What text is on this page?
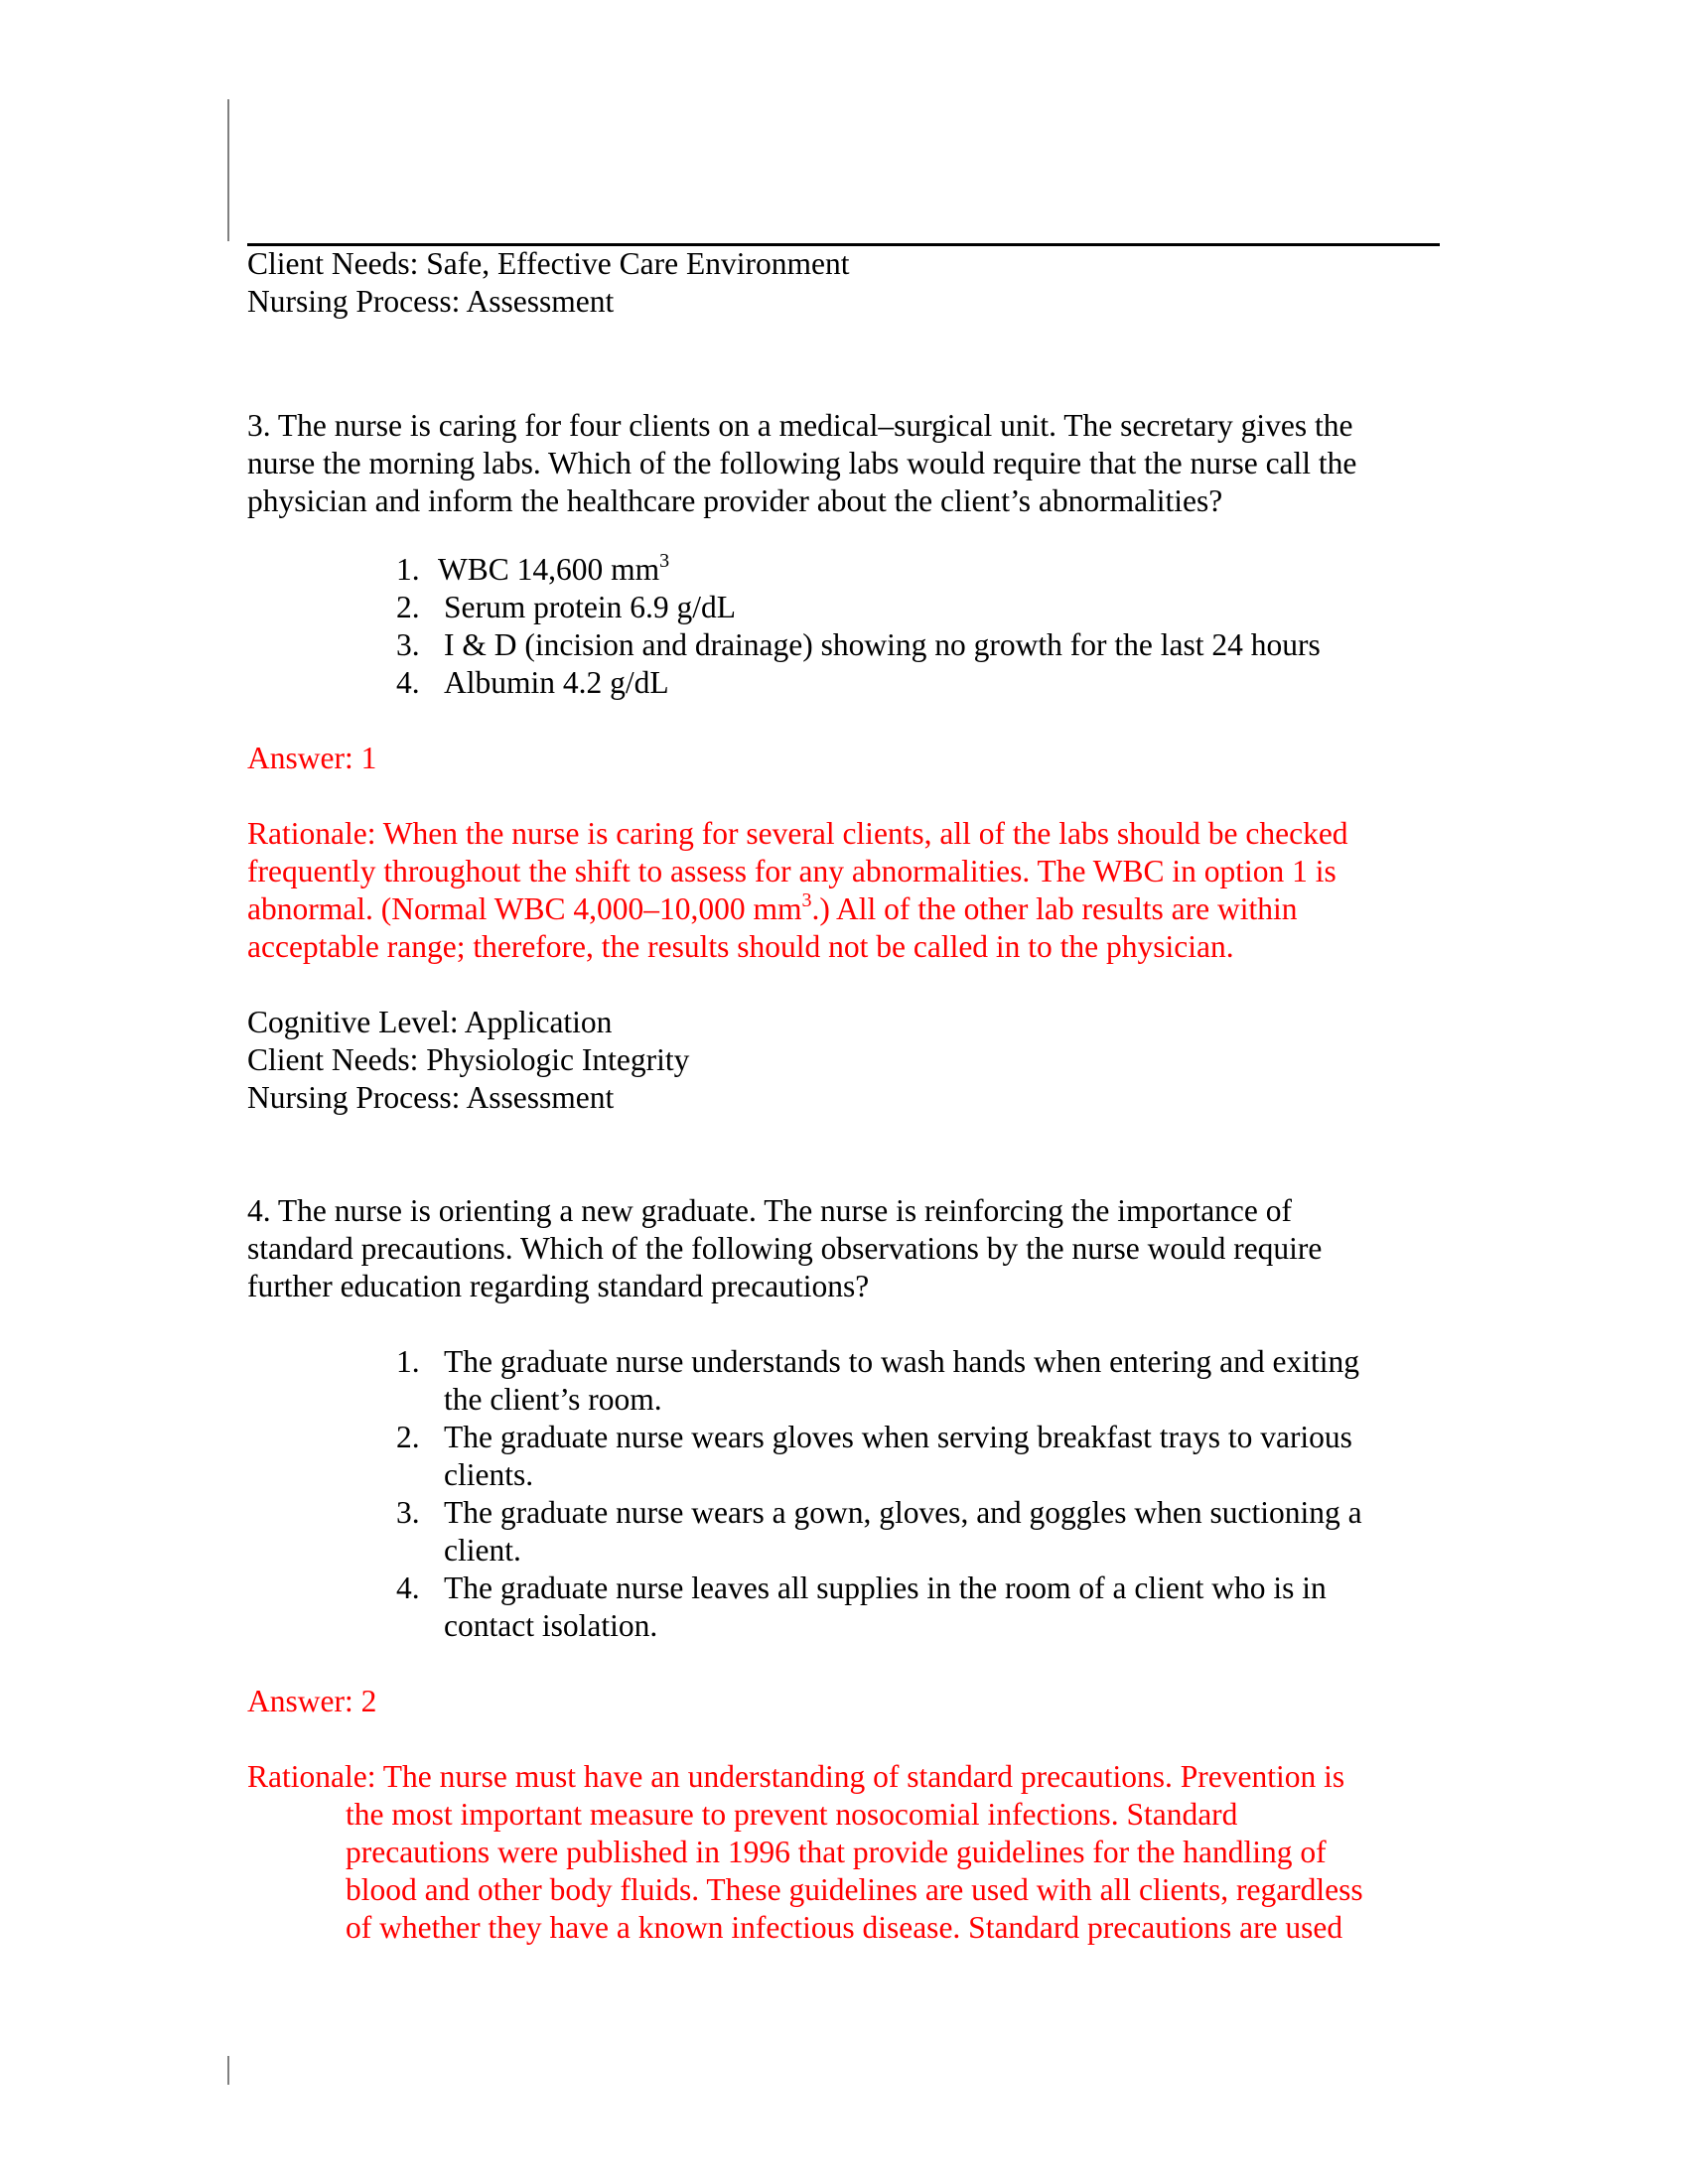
Client Needs: Safe, Effective Care Environment
Nursing Process: Assessment
3. The nurse is caring for four clients on a medical–surgical unit. The secretary gives the
nurse the morning labs. Which of the following labs would require that the nurse call the
physician and inform the healthcare provider about the client’s abnormalities?
1. WBC 14,600 $mm^3$
2. Serum protein 6.9 g/dL
3. I & D (incision and drainage) showing no growth for the last 24 hours
4. Albumin 4.2 g/dL
Answer: 1
Rationale: When the nurse is caring for several clients, all of the labs should be checked
frequently throughout the shift to assess for any abnormalities. The WBC in option 1 is
abnormal. (Normal WBC 4,000–10,000 $mm^3$.) All of the other lab results are within
acceptable range; therefore, the results should not be called in to the physician.
Cognitive Level: Application
Client Needs: Physiologic Integrity
Nursing Process: Assessment
4. The nurse is orienting a new graduate. The nurse is reinforcing the importance of
standard precautions. Which of the following observations by the nurse would require
further education regarding standard precautions?
1. The graduate nurse understands to wash hands when entering and exiting
the client’s room.
2. The graduate nurse wears gloves when serving breakfast trays to various
clients.
3. The graduate nurse wears a gown, gloves, and goggles when suctioning a
client.
4. The graduate nurse leaves all supplies in the room of a client who is in
contact isolation.
Answer: 2
Rationale: The nurse must have an understanding of standard precautions. Prevention is
the most important measure to prevent nosocomial infections. Standard
precautions were published in 1996 that provide guidelines for the handling of
blood and other body fluids. These guidelines are used with all clients, regardless
of whether they have a known infectious disease. Standard precautions are used
